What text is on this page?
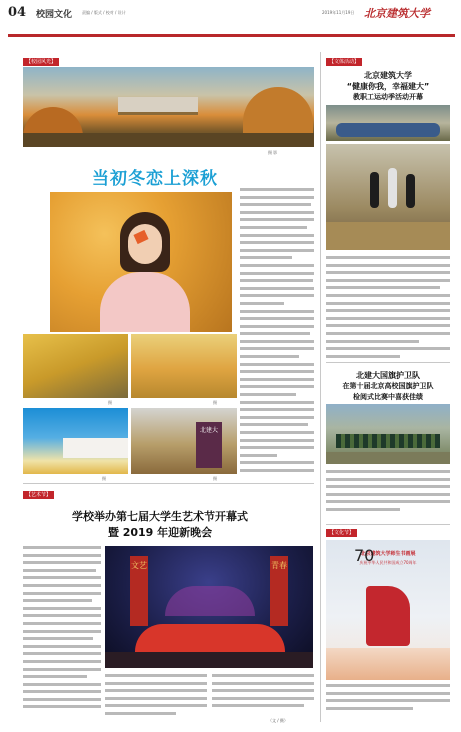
04 校园文化 责编 / 版式 / 校对 / 设计	2019年11月19日 北京建筑大学
【校园风光】
摄 影
当初冬恋上深秋
摄	摄
摄
北建大
摄
【艺术节】
学校举办第七届大学生艺术节开幕式
暨 2019 年迎新晚会
文艺	青春
（文 / 摄）
【文体活动】
北京建筑大学
“健康你我，幸福建大”
教职工运动季活动开幕
北建大国旗护卫队
在第十届北京高校国旗护卫队
检阅式比赛中喜获佳绩
【文化节】
北京建筑大学师生书画展
庆祝中华人民共和国成立70周年
70
